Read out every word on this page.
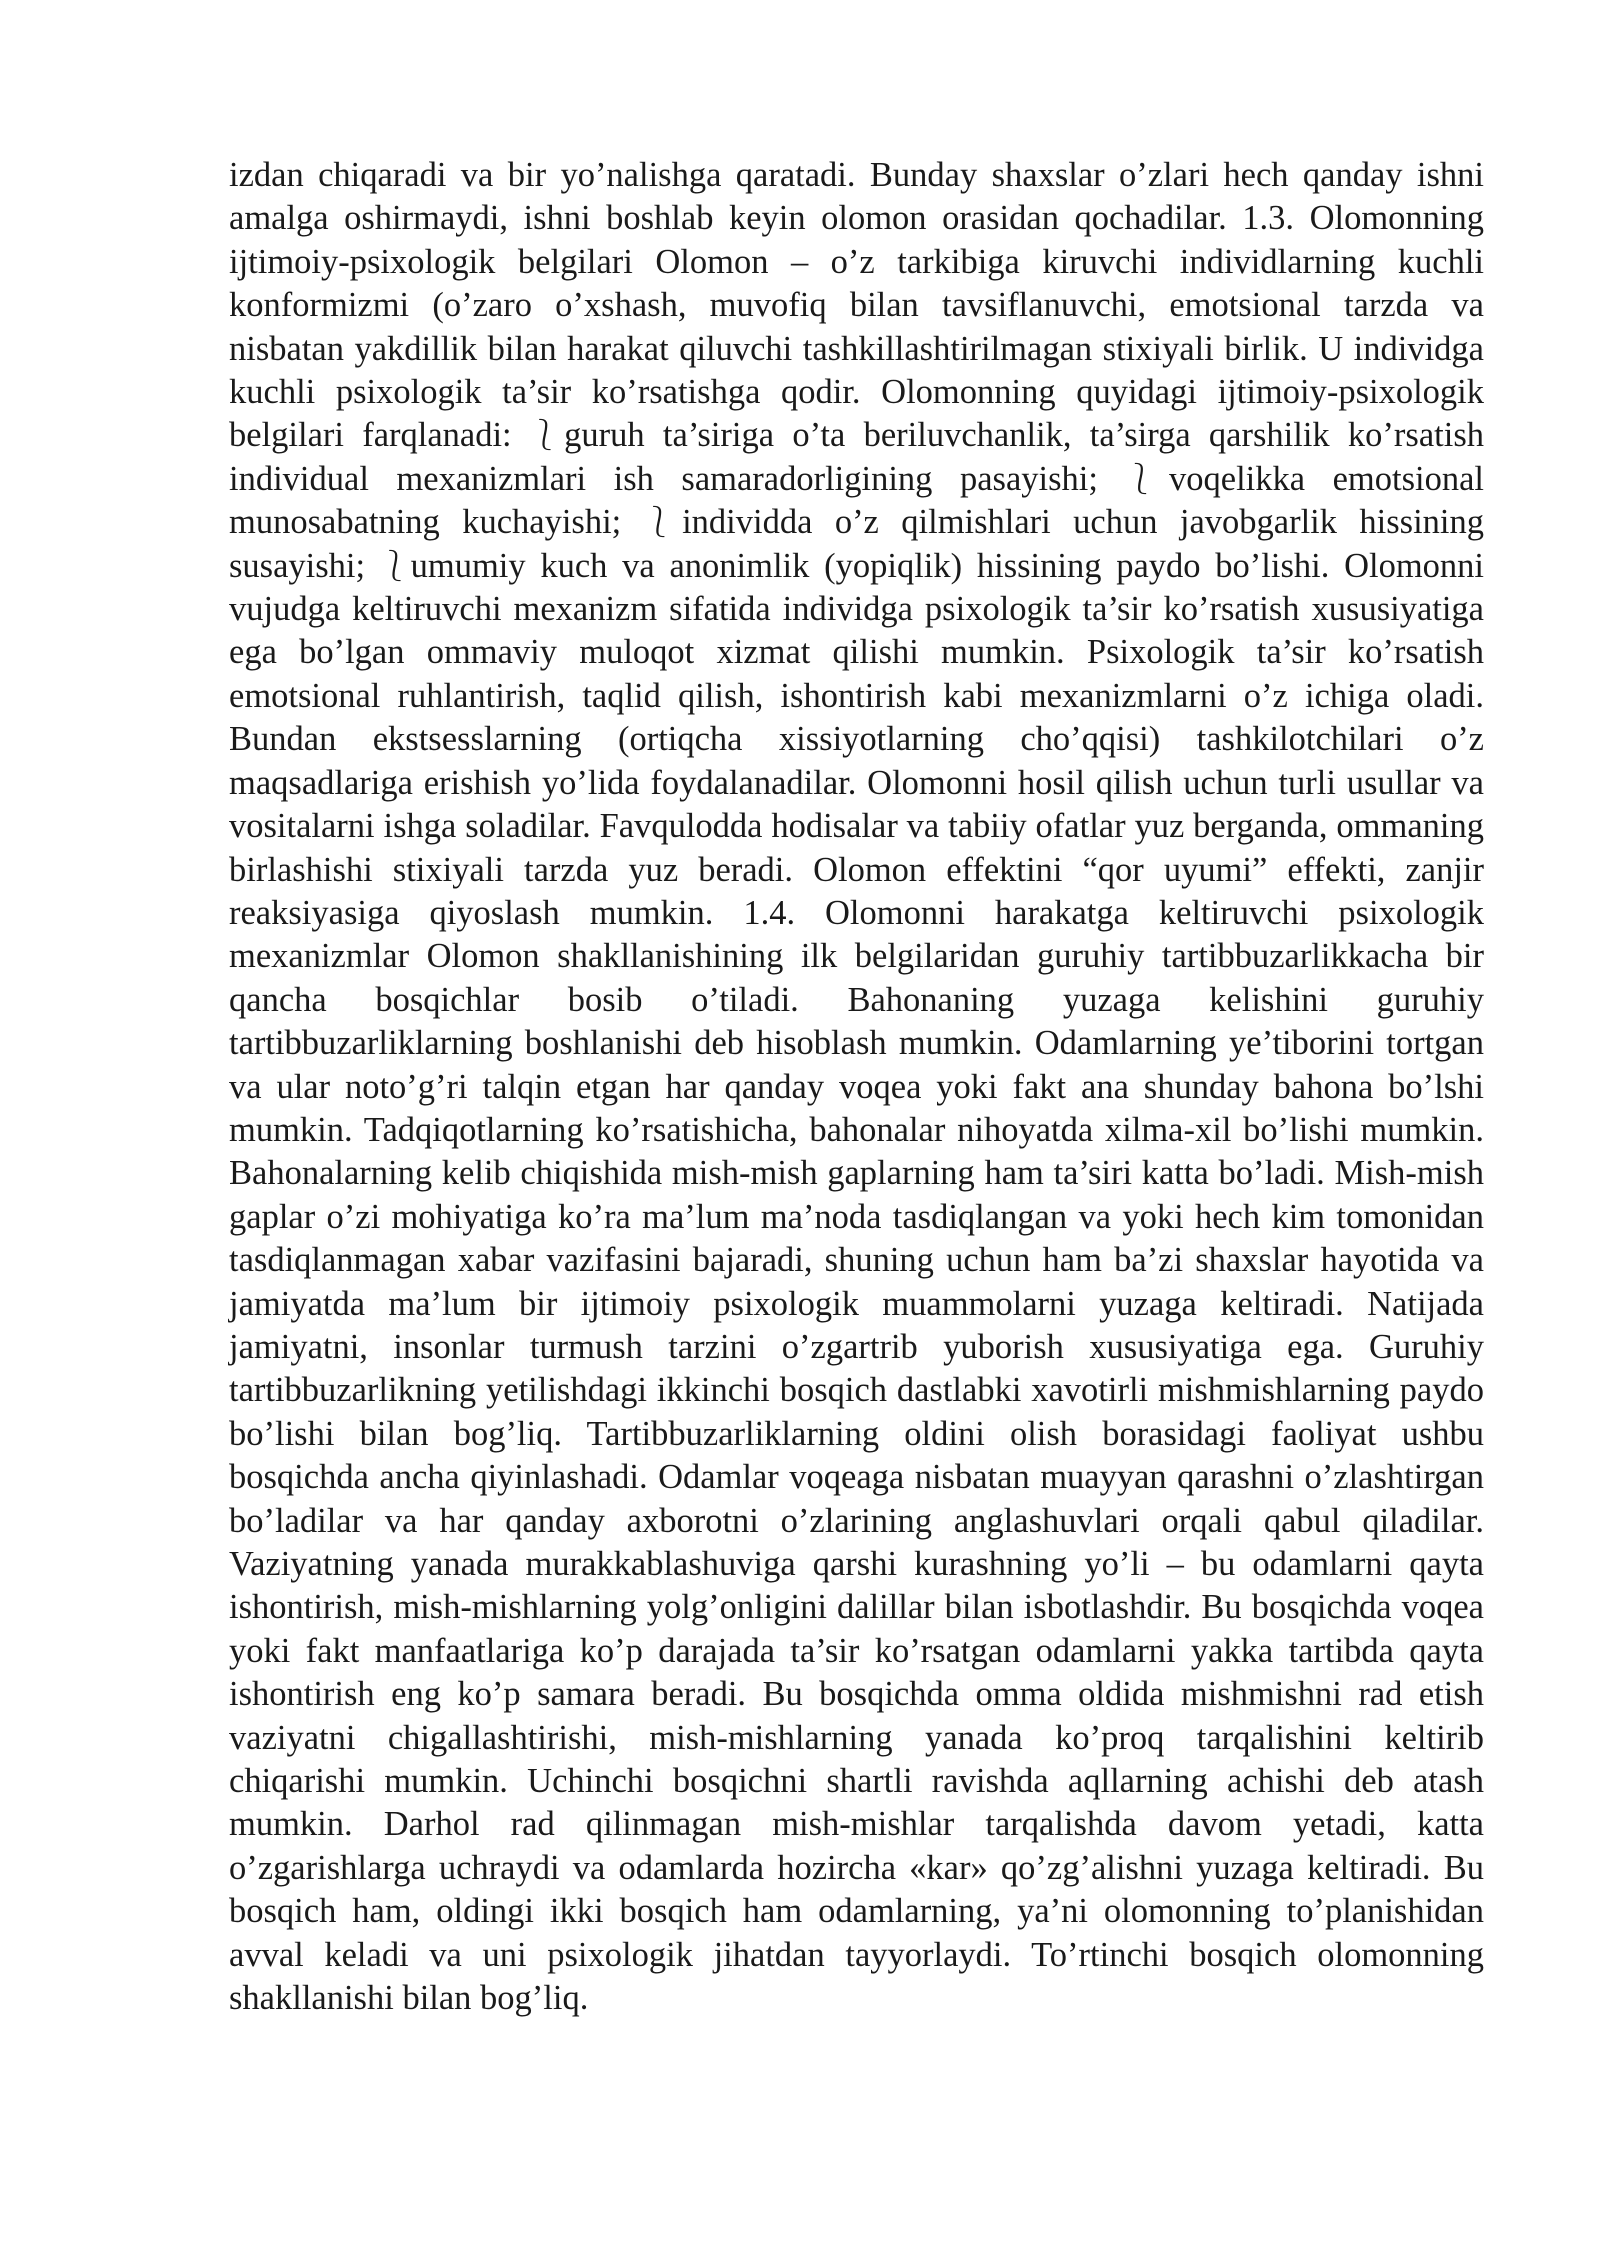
izdan chiqaradi va bir yo’nalishga qaratadi. Bunday shaxslar o’zlari hech qanday ishni amalga oshirmaydi, ishni boshlab keyin olomon orasidan qochadilar. 1.3. Olomonning ijtimoiy-psixologik belgilari Olomon – o’z tarkibiga kiruvchi individlarning kuchli konformizmi (o’zaro o’xshash, muvofiq bilan tavsiflanuvchi, emotsional tarzda va nisbatan yakdillik bilan harakat qiluvchi tashkillashtirilmagan stixiyali birlik. U individga kuchli psixologik ta’sir ko’rsatishga qodir. Olomonning quyidagi ijtimoiy-psixologik belgilari farqlanadi: ⎱ guruh ta’siriga o’ta beriluvchanlik, ta’sirga qarshilik ko’rsatish individual mexanizmlari ish samaradorligining pasayishi; ⎱ voqelikka emotsional munosabatning kuchayishi; ⎱ individda o’z qilmishlari uchun javobgarlik hissining susayishi; ⎱ umumiy kuch va anonimlik (yopiqlik) hissining paydo bo’lishi. Olomonni vujudga keltiruvchi mexanizm sifatida individga psixologik ta’sir ko’rsatish xususiyatiga ega bo’lgan ommaviy muloqot xizmat qilishi mumkin. Psixologik ta’sir ko’rsatish emotsional ruhlantirish, taqlid qilish, ishontirish kabi mexanizmlarni o’z ichiga oladi. Bundan ekstsesslarning (ortiqcha xissiyotlarning cho’qqisi) tashkilotchilari o’z maqsadlariga erishish yo’lida foydalanadilar. Olomonni hosil qilish uchun turli usullar va vositalarni ishga soladilar. Favqulodda hodisalar va tabiiy ofatlar yuz berganda, ommaning birlashishi stixiyali tarzda yuz beradi. Olomon effektini “qor uyumi” effekti, zanjir reaksiyasiga qiyoslash mumkin. 1.4. Olomonni harakatga keltiruvchi psixologik mexanizmlar Olomon shakllanishining ilk belgilaridan guruhiy tartibbuzarlikkacha bir qancha bosqichlar bosib o’tiladi. Bahonaning yuzaga kelishini guruhiy tartibbuzarliklarning boshlanishi deb hisoblash mumkin. Odamlarning ye’tiborini tortgan va ular noto’g’ri talqin etgan har qanday voqea yoki fakt ana shunday bahona bo’lshi mumkin. Tadqiqotlarning ko’rsatishicha, bahonalar nihoyatda xilma-xil bo’lishi mumkin. Bahonalarning kelib chiqishida mish-mish gaplarning ham ta’siri katta bo’ladi. Mish-mish gaplar o’zi mohiyatiga ko’ra ma’lum ma’noda tasdiqlangan va yoki hech kim tomonidan tasdiqlanmagan xabar vazifasini bajaradi, shuning uchun ham ba’zi shaxslar hayotida va jamiyatda ma’lum bir ijtimoiy psixologik muammolarni yuzaga keltiradi. Natijada jamiyatni, insonlar turmush tarzini o’zgartrib yuborish xususiyatiga ega. Guruhiy tartibbuzarlikning yetilishdagi ikkinchi bosqich dastlabki xavotirli mishmishlarning paydo bo’lishi bilan bog’liq. Tartibbuzarliklarning oldini olish borasidagi faoliyat ushbu bosqichda ancha qiyinlashadi. Odamlar voqeaga nisbatan muayyan qarashni o’zlashtirgan bo’ladilar va har qanday axborotni o’zlarining anglashuvlari orqali qabul qiladilar. Vaziyatning yanada murakkablashuviga qarshi kurashning yo’li – bu odamlarni qayta ishontirish, mish-mishlarning yolg’onligini dalillar bilan isbotlashdir. Bu bosqichda voqea yoki fakt manfaatlariga ko’p darajada ta’sir ko’rsatgan odamlarni yakka tartibda qayta ishontirish eng ko’p samara beradi. Bu bosqichda omma oldida mishmishni rad etish vaziyatni chigallashtirishi, mish-mishlarning yanada ko’proq tarqalishini keltirib chiqarishi mumkin. Uchinchi bosqichni shartli ravishda aqllarning achishi deb atash mumkin. Darhol rad qilinmagan mish-mishlar tarqalishda davom yetadi, katta o’zgarishlarga uchraydi va odamlarda hozircha «kar» qo’zg’alishni yuzaga keltiradi. Bu bosqich ham, oldingi ikki bosqich ham odamlarning, ya’ni olomonning to’planishidan avval keladi va uni psixologik jihatdan tayyorlaydi. To’rtinchi bosqich olomonning shakllanishi bilan bog’liq.
